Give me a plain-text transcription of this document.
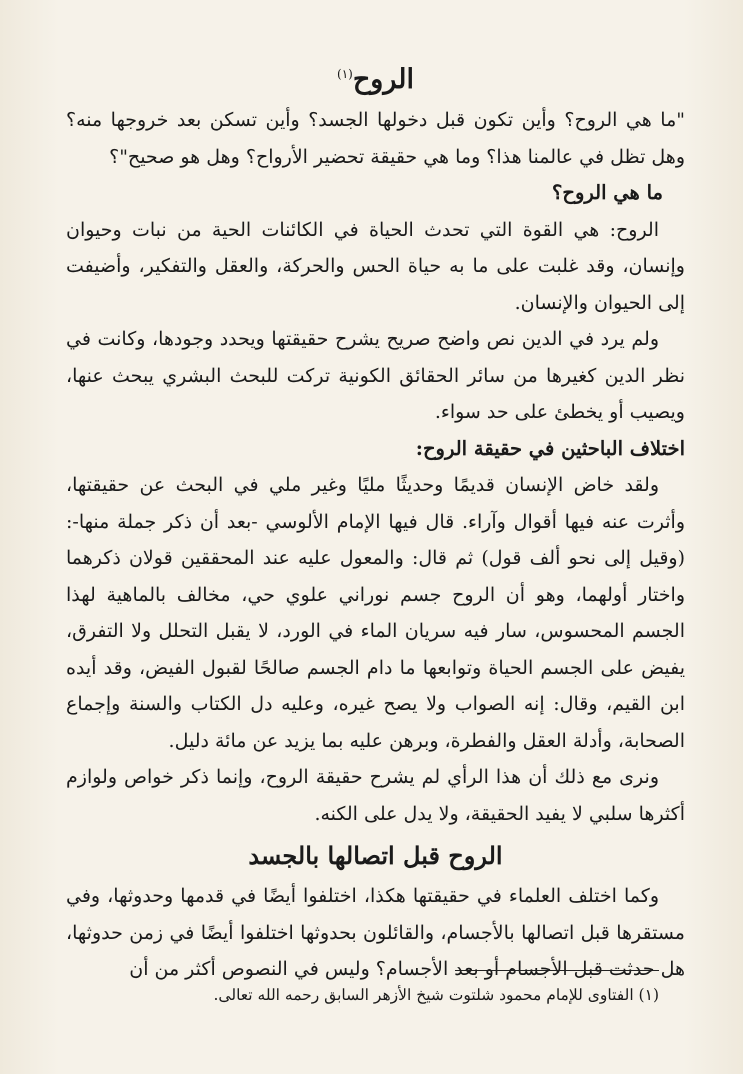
الروح$^{(١)}$

"ما هي الروح؟ وأين تكون قبل دخولها الجسد؟ وأين تسكن بعد خروجها منه؟ وهل تظل في عالمنا هذا؟ وما هي حقيقة تحضير الأرواح؟ وهل هو صحيح"؟

ما هي الروح؟

الروح: هي القوة التي تحدث الحياة في الكائنات الحية من نبات وحيوان وإنسان، وقد غلبت على ما به حياة الحس والحركة، والعقل والتفكير، وأضيفت إلى الحيوان والإنسان.

ولم يرد في الدين نص واضح صريح يشرح حقيقتها ويحدد وجودها، وكانت في نظر الدين كغيرها من سائر الحقائق الكونية تركت للبحث البشري يبحث عنها، ويصيب أو يخطئ على حد سواء.

اختلاف الباحثين في حقيقة الروح:

ولقد خاض الإنسان قديمًا وحديثًا مليًا وغير ملي في البحث عن حقيقتها، وأثرت عنه فيها أقوال وآراء. قال فيها الإمام الألوسي -بعد أن ذكر جملة منها-: (وقيل إلى نحو ألف قول) ثم قال: والمعول عليه عند المحققين قولان ذكرهما واختار أولهما، وهو أن الروح جسم نوراني علوي حي، مخالف بالماهية لهذا الجسم المحسوس، سار فيه سريان الماء في الورد، لا يقبل التحلل ولا التفرق، يفيض على الجسم الحياة وتوابعها ما دام الجسم صالحًا لقبول الفيض، وقد أيده ابن القيم، وقال: إنه الصواب ولا يصح غيره، وعليه دل الكتاب والسنة وإجماع الصحابة، وأدلة العقل والفطرة، وبرهن عليه بما يزيد عن مائة دليل.

ونرى مع ذلك أن هذا الرأي لم يشرح حقيقة الروح، وإنما ذكر خواص ولوازم أكثرها سلبي لا يفيد الحقيقة، ولا يدل على الكنه.

الروح قبل اتصالها بالجسد

وكما اختلف العلماء في حقيقتها هكذا، اختلفوا أيضًا في قدمها وحدوثها، وفي مستقرها قبل اتصالها بالأجسام، والقائلون بحدوثها اختلفوا أيضًا في زمن حدوثها، هل حدثت قبل الأجسام أو بعد الأجسام؟ وليس في النصوص أكثر من أن

(١) الفتاوى للإمام محمود شلتوت شيخ الأزهر السابق رحمه الله تعالى.
